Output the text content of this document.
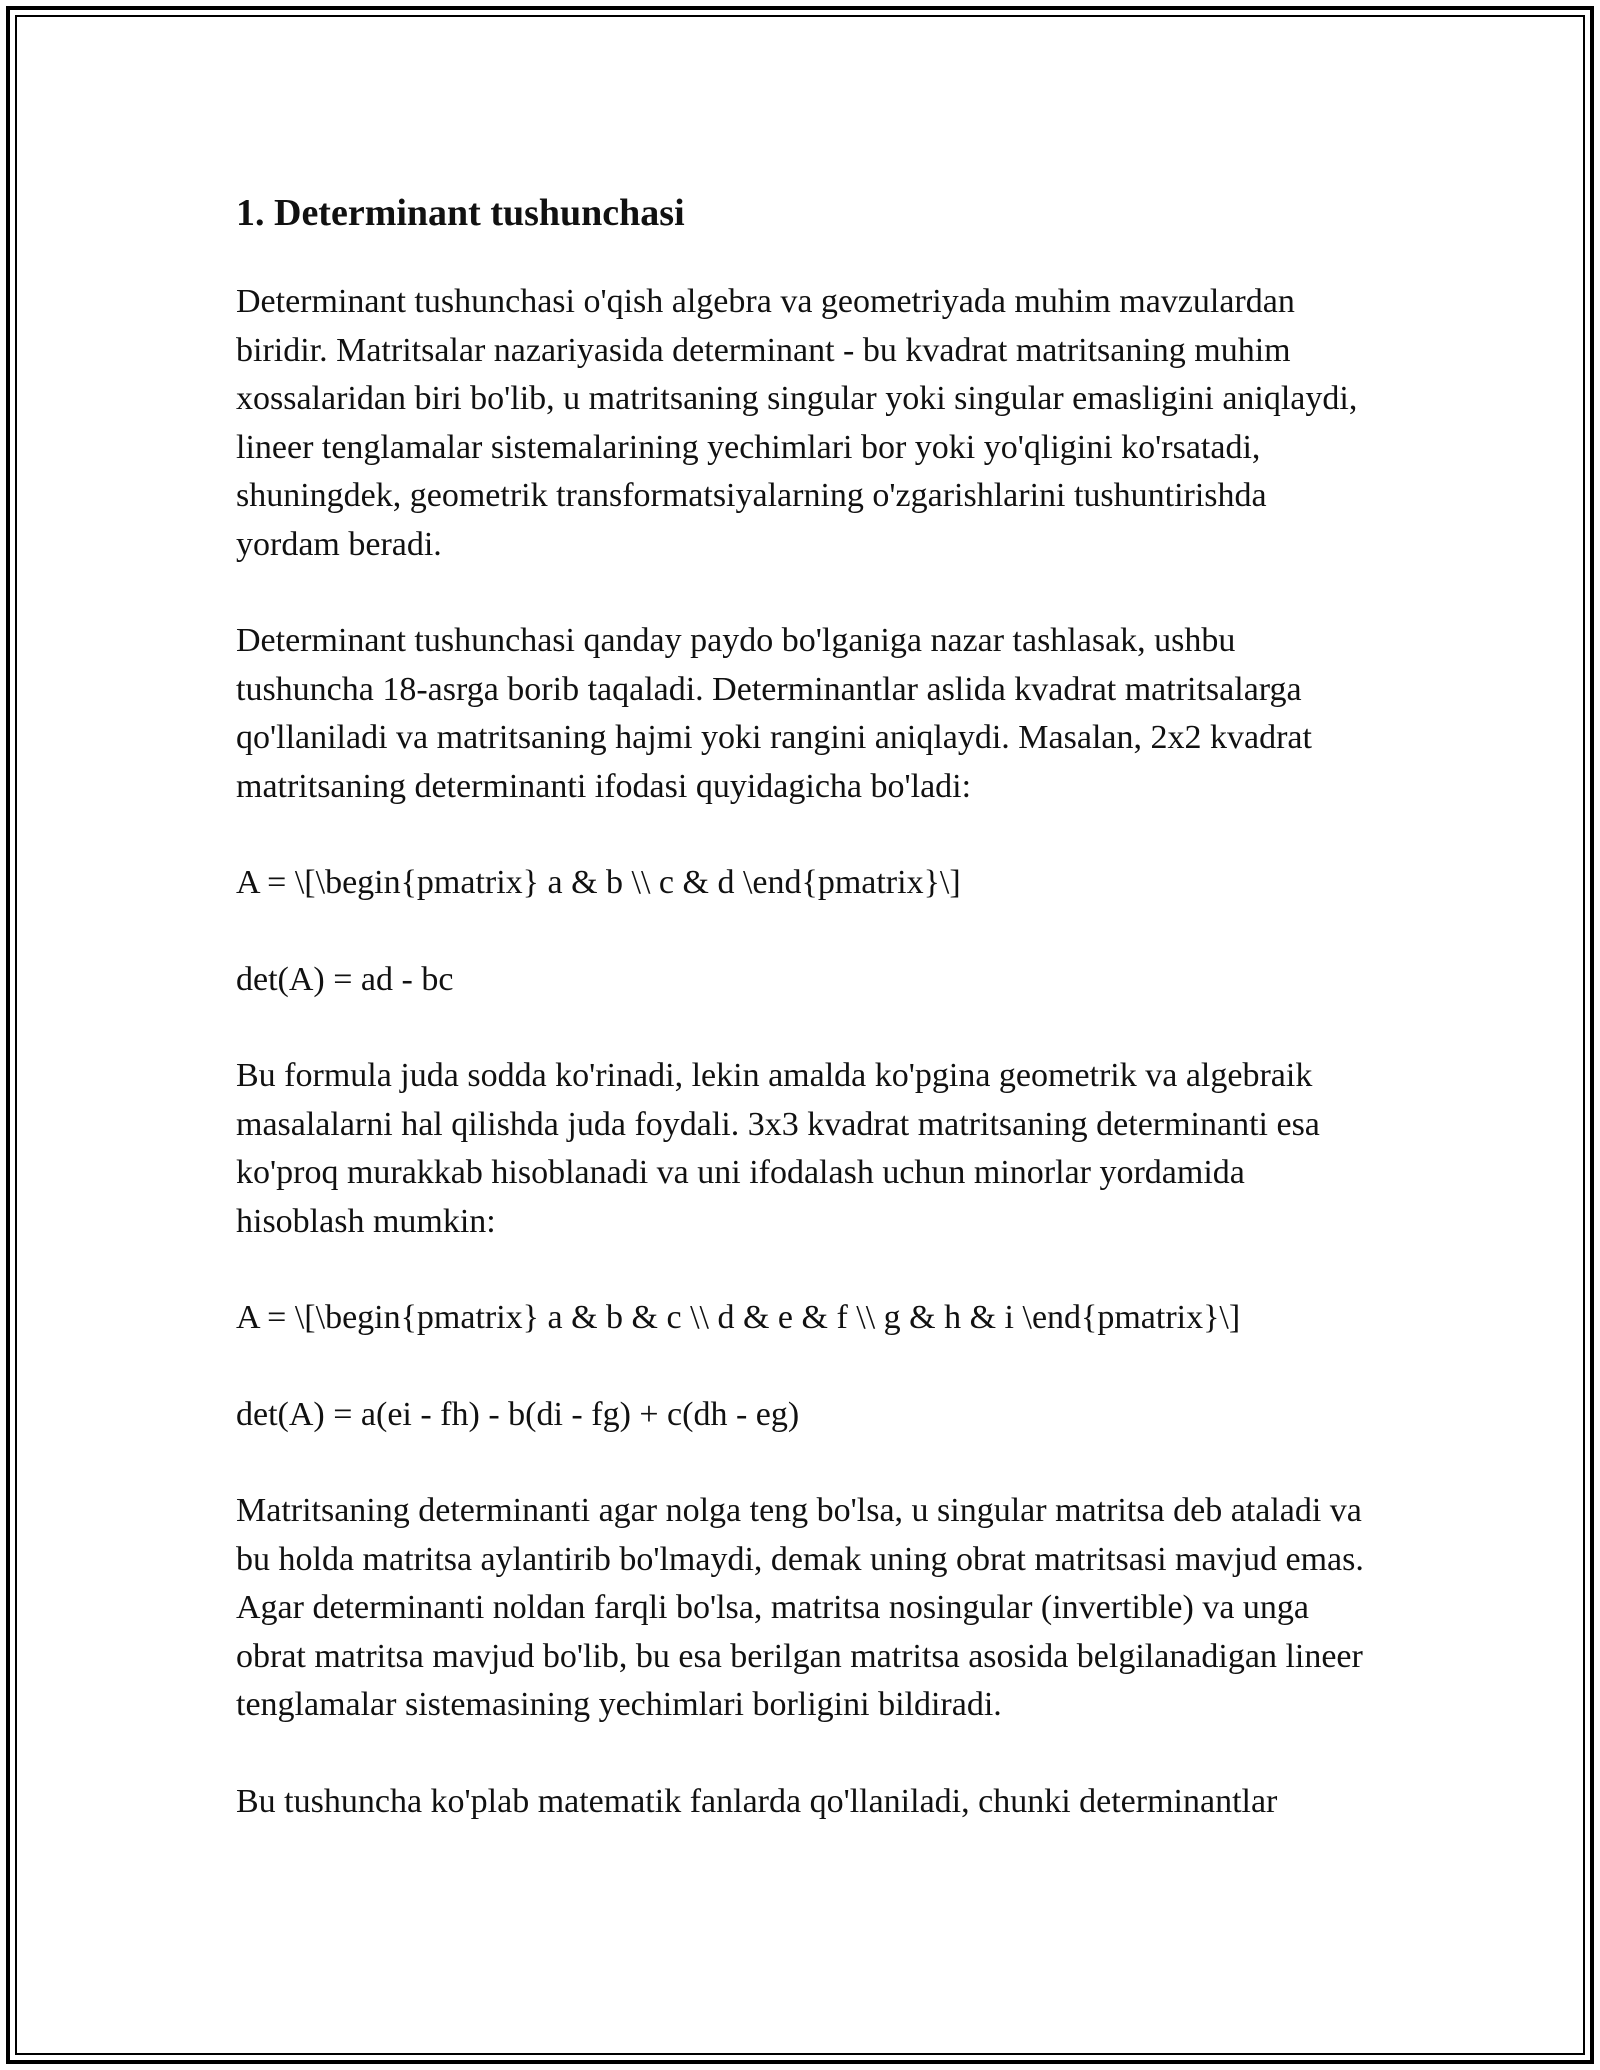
1. Determinant tushunchasi

Determinant tushunchasi o'qish algebra va geometriyada muhim mavzulardan biridir. Matritsalar nazariyasida determinant - bu kvadrat matritsaning muhim xossalaridan biri bo'lib, u matritsaning singular yoki singular emasligini aniqlaydi, lineer tenglamalar sistemalarining yechimlari bor yoki yo'qligini ko'rsatadi, shuningdek, geometrik transformatsiyalarning o'zgarishlarini tushuntirishda yordam beradi.

Determinant tushunchasi qanday paydo bo'lganiga nazar tashlasak, ushbu tushuncha 18-asrga borib taqaladi. Determinantlar aslida kvadrat matritsalarga qo'llaniladi va matritsaning hajmi yoki rangini aniqlaydi. Masalan, 2x2 kvadrat matritsaning determinanti ifodasi quyidagicha bo'ladi:

A = \[\begin{pmatrix} a & b \\ c & d \end{pmatrix}\]

det(A) = ad - bc

Bu formula juda sodda ko'rinadi, lekin amalda ko'pgina geometrik va algebraik masalalarni hal qilishda juda foydali. 3x3 kvadrat matritsaning determinanti esa ko'proq murakkab hisoblanadi va uni ifodalash uchun minorlar yordamida hisoblash mumkin:

A = \[\begin{pmatrix} a & b & c \\ d & e & f \\ g & h & i \end{pmatrix}\]

det(A) = a(ei - fh) - b(di - fg) + c(dh - eg)

Matritsaning determinanti agar nolga teng bo'lsa, u singular matritsa deb ataladi va bu holda matritsa aylantirib bo'lmaydi, demak uning obrat matritsasi mavjud emas. Agar determinanti noldan farqli bo'lsa, matritsa nosingular (invertible) va unga obrat matritsa mavjud bo'lib, bu esa berilgan matritsa asosida belgilanadigan lineer tenglamalar sistemasining yechimlari borligini bildiradi.

Bu tushuncha ko'plab matematik fanlarda qo'llaniladi, chunki determinantlar
